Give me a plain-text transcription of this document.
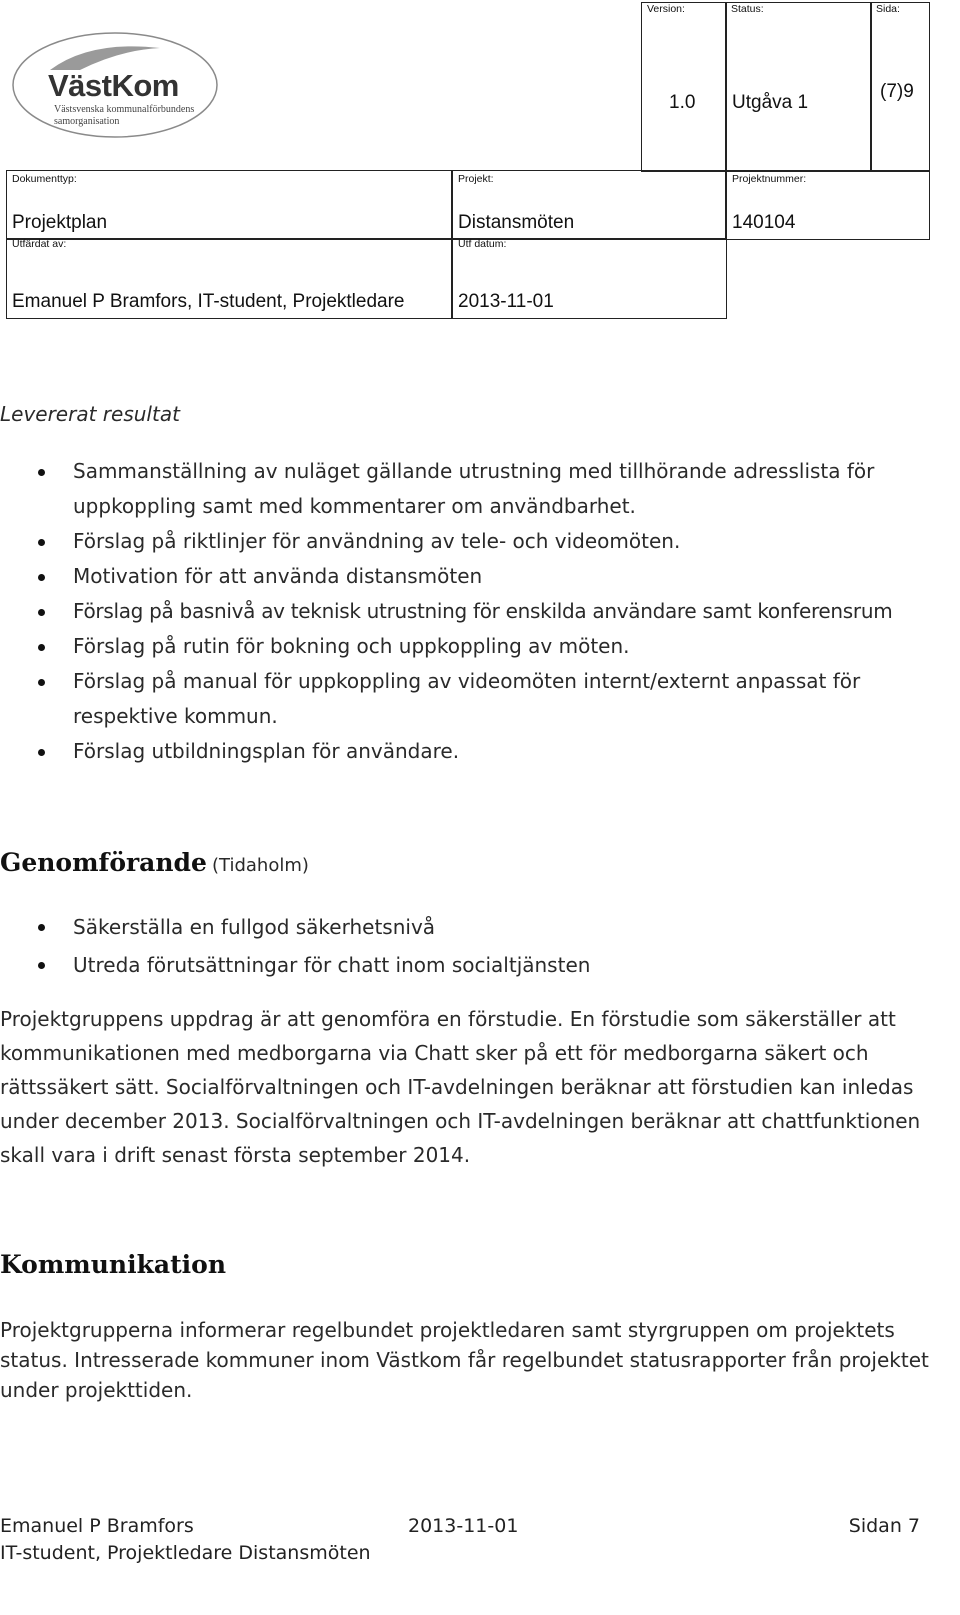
VästKom
Västsvenska kommunalförbundens
samorganisation
Version:
1.0
Status:
Utgåva 1
Sida:
(7)9
Dokumenttyp:
Projektplan
Projekt:
Distansmöten
Projektnummer:
140104
Utfärdat av:
Emanuel P Bramfors, IT-student, Projektledare
Utf datum:
2013-11-01
Levererat resultat
Sammanställning av nuläget gällande utrustning med tillhörande adresslista för uppkoppling samt med kommentarer om användbarhet.
Förslag på riktlinjer för användning av tele- och videomöten.
Motivation för att använda distansmöten
Förslag på basnivå av teknisk utrustning för enskilda användare samt konferensrum
Förslag på rutin för bokning och uppkoppling av möten.
Förslag på manual för uppkoppling av videomöten internt/externt anpassat för respektive kommun.
Förslag utbildningsplan för användare.
Genomförande (Tidaholm)
Säkerställa en fullgod säkerhetsnivå
Utreda förutsättningar för chatt inom socialtjänsten
Projektgruppens uppdrag är att genomföra en förstudie. En förstudie som säkerställer att kommunikationen med medborgarna via Chatt sker på ett för medborgarna säkert och rättssäkert sätt. Socialförvaltningen och IT-avdelningen beräknar att förstudien kan inledas under december 2013. Socialförvaltningen och IT-avdelningen beräknar att chattfunktionen skall vara i drift senast första september 2014.
Kommunikation
Projektgrupperna informerar regelbundet projektledaren samt styrgruppen om projektets status. Intresserade kommuner inom Västkom får regelbundet statusrapporter från projektet under projekttiden.
Emanuel P Bramfors	2013-11-01	Sidan 7
IT-student, Projektledare Distansmöten
